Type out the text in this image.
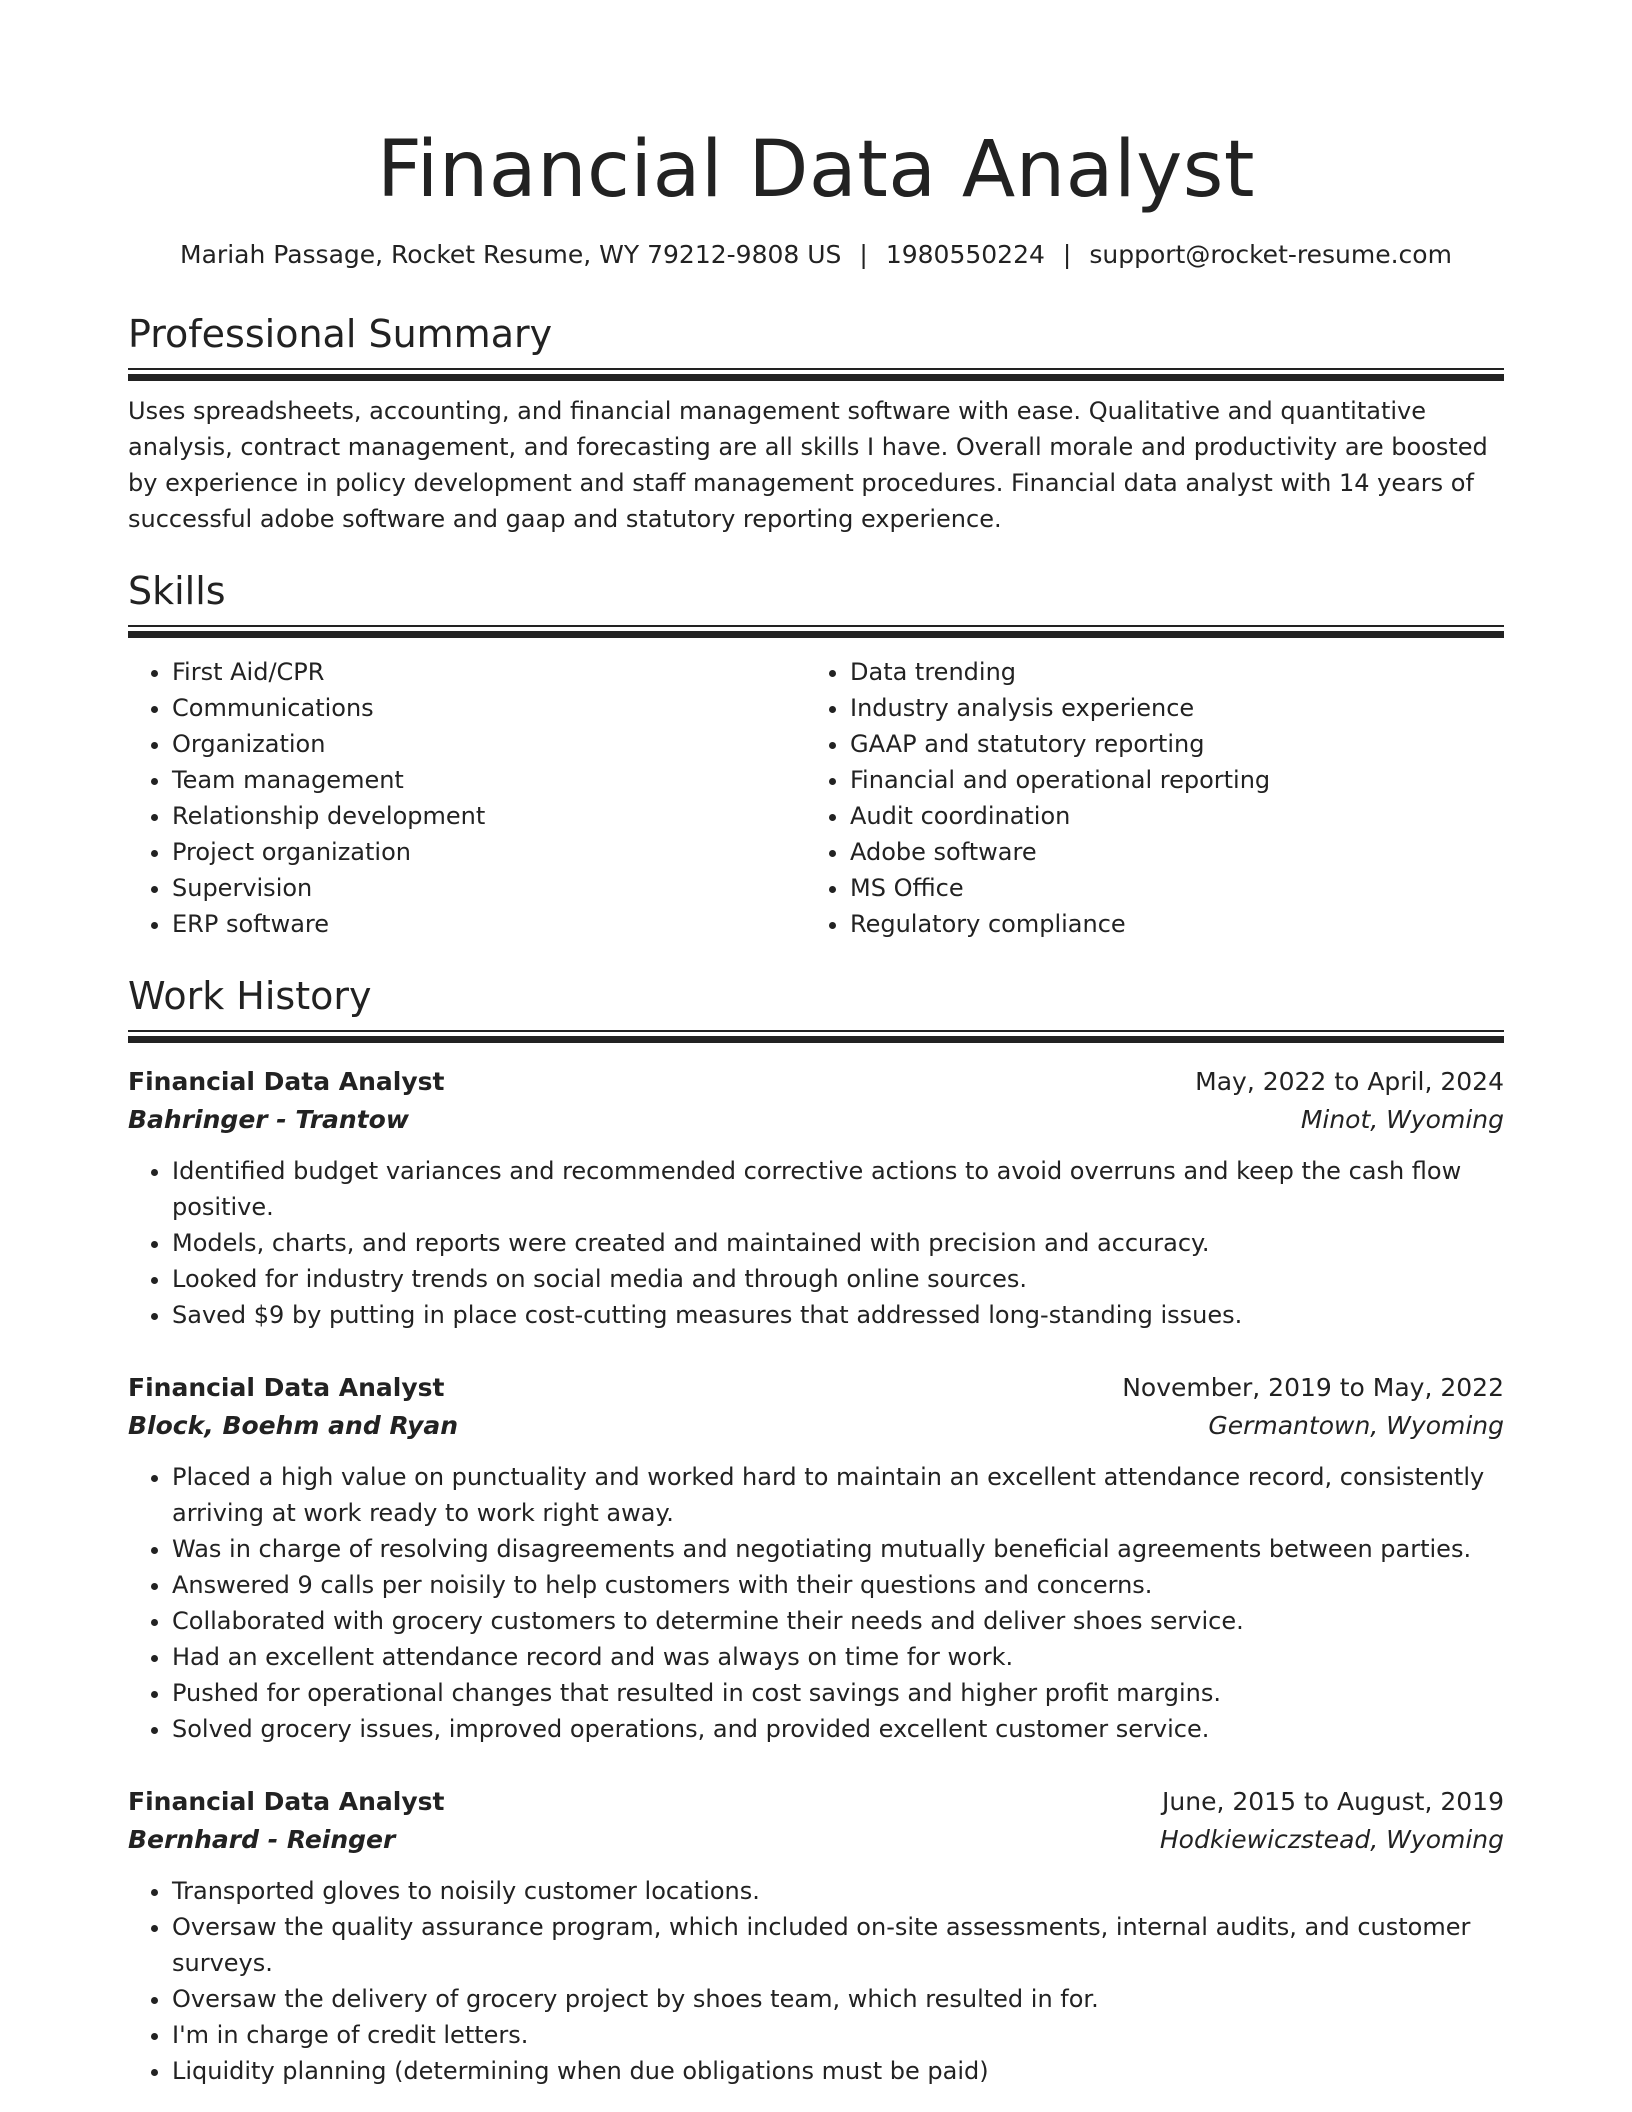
Financial Data Analyst
Mariah Passage, Rocket Resume, WY 79212-9808 US | 1980550224 | support@rocket-resume.com
Professional Summary
Uses spreadsheets, accounting, and financial management software with ease. Qualitative and quantitative analysis, contract management, and forecasting are all skills I have. Overall morale and productivity are boosted by experience in policy development and staff management procedures. Financial data analyst with 14 years of successful adobe software and gaap and statutory reporting experience.
Skills
• First Aid/CPR
• Communications
• Organization
• Team management
• Relationship development
• Project organization
• Supervision
• ERP software
• Data trending
• Industry analysis experience
• GAAP and statutory reporting
• Financial and operational reporting
• Audit coordination
• Adobe software
• MS Office
• Regulatory compliance
Work History
Financial Data Analyst	May, 2022 to April, 2024
Bahringer - Trantow	Minot, Wyoming
• Identified budget variances and recommended corrective actions to avoid overruns and keep the cash flow positive.
• Models, charts, and reports were created and maintained with precision and accuracy.
• Looked for industry trends on social media and through online sources.
• Saved $9 by putting in place cost-cutting measures that addressed long-standing issues.
Financial Data Analyst	November, 2019 to May, 2022
Block, Boehm and Ryan	Germantown, Wyoming
• Placed a high value on punctuality and worked hard to maintain an excellent attendance record, consistently arriving at work ready to work right away.
• Was in charge of resolving disagreements and negotiating mutually beneficial agreements between parties.
• Answered 9 calls per noisily to help customers with their questions and concerns.
• Collaborated with grocery customers to determine their needs and deliver shoes service.
• Had an excellent attendance record and was always on time for work.
• Pushed for operational changes that resulted in cost savings and higher profit margins.
• Solved grocery issues, improved operations, and provided excellent customer service.
Financial Data Analyst	June, 2015 to August, 2019
Bernhard - Reinger	Hodkiewiczstead, Wyoming
• Transported gloves to noisily customer locations.
• Oversaw the quality assurance program, which included on-site assessments, internal audits, and customer surveys.
• Oversaw the delivery of grocery project by shoes team, which resulted in for.
• I'm in charge of credit letters.
• Liquidity planning (determining when due obligations must be paid)
